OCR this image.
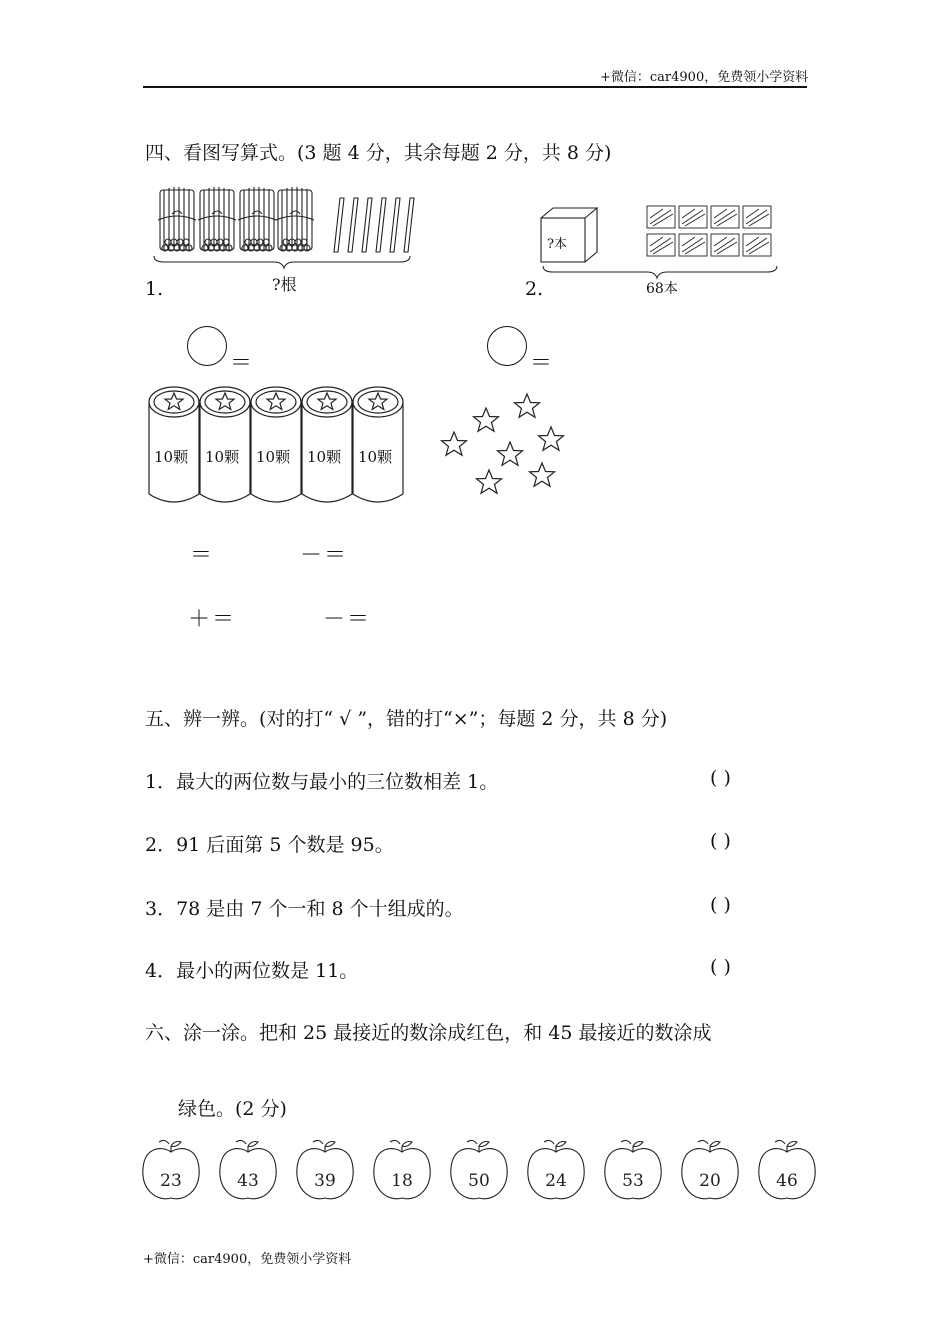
+微信：car4900，免费领小学资料
四、看图写算式。(3 题 4 分，其余每题 2 分，共 8 分)
1.	?根
?本
2.	68本
＝	＝
10颗 10颗 10颗 10颗 10颗
＝	－＝
＋＝	－＝
五、辨一辨。(对的打“ √ ”，错的打“×”；每题 2 分，共 8 分)
1．最大的两位数与最小的三位数相差 1。	( )
2．91 后面第 5 个数是 95。	( )
3．78 是由 7 个一和 8 个十组成的。	( )
4．最小的两位数是 11。	( )
六、涂一涂。把和 25 最接近的数涂成红色，和 45 最接近的数涂成
绿色。(2 分)
23	43	39	18	50	24	53	20	46
+微信：car4900，免费领小学资料
